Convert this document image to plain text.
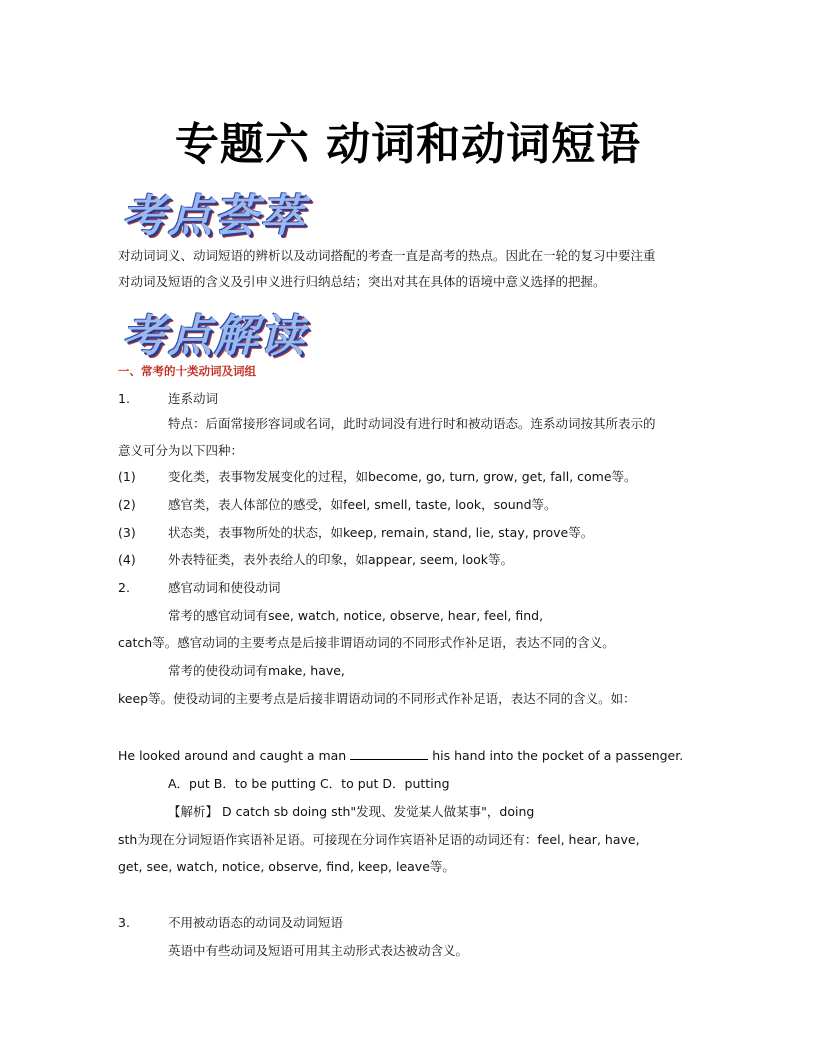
专题六 动词和动词短语
考点荟萃
对动词词义、动词短语的辨析以及动词搭配的考查一直是高考的热点。因此在一轮的复习中要注重
对动词及短语的含义及引申义进行归纳总结；突出对其在具体的语境中意义选择的把握。
考点解读
一、常考的十类动词及词组
1.	连系动词
特点：后面常接形容词或名词，此时动词没有进行时和被动语态。连系动词按其所表示的
意义可分为以下四种：
(1)	变化类，表事物发展变化的过程，如become, go, turn, grow, get, fall, come等。
(2)	感官类，表人体部位的感受，如feel, smell, taste, look，sound等。
(3)	状态类，表事物所处的状态，如keep, remain, stand, lie, stay, prove等。
(4)	外表特征类，表外表给人的印象，如appear, seem, look等。
2.	感官动词和使役动词
常考的感官动词有see, watch, notice, observe, hear, feel, find,
catch等。感官动词的主要考点是后接非谓语动词的不同形式作补足语，表达不同的含义。
常考的使役动词有make, have,
keep等。使役动词的主要考点是后接非谓语动词的不同形式作补足语，表达不同的含义。如：
He looked around and caught a man	his hand into the pocket of a passenger.
A．put B．to be putting C．to put D．putting
【解析】 D catch sb doing sth"发现、发觉某人做某事"，doing
sth为现在分词短语作宾语补足语。可接现在分词作宾语补足语的动词还有：feel, hear, have,
get, see, watch, notice, observe, find, keep, leave等。
3.	不用被动语态的动词及动词短语
英语中有些动词及短语可用其主动形式表达被动含义。
